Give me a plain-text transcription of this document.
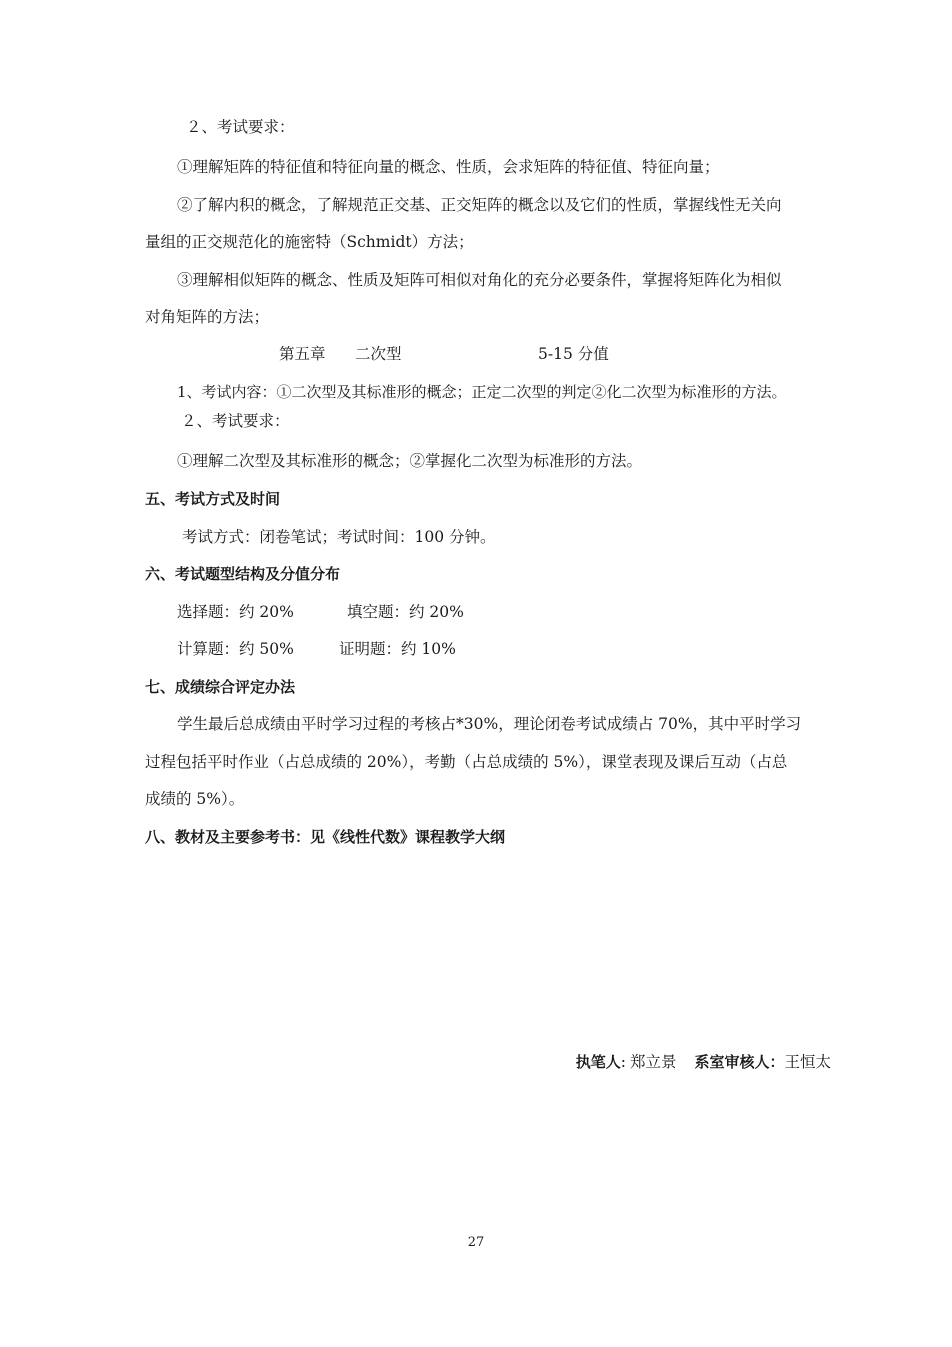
２、考试要求：
①理解矩阵的特征值和特征向量的概念、性质，会求矩阵的特征值、特征向量；
②了解内积的概念，了解规范正交基、正交矩阵的概念以及它们的性质，掌握线性无关向
量组的正交规范化的施密特（Schmidt）方法；
③理解相似矩阵的概念、性质及矩阵可相似对角化的充分必要条件，掌握将矩阵化为相似
对角矩阵的方法；
第五章 二次型	5-15 分值
1、考试内容：①二次型及其标准形的概念；正定二次型的判定②化二次型为标准形的方法。
２、考试要求：
①理解二次型及其标准形的概念；②掌握化二次型为标准形的方法。
五、考试方式及时间
考试方式：闭卷笔试；考试时间：100 分钟。
六、考试题型结构及分值分布
选择题：约 20%	填空题：约 20%
计算题：约 50%	证明题：约 10%
七、成绩综合评定办法
学生最后总成绩由平时学习过程的考核占*30%，理论闭卷考试成绩占 70%，其中平时学习
过程包括平时作业（占总成绩的 20%），考勤（占总成绩的 5%），课堂表现及课后互动（占总
成绩的 5%）。
八、教材及主要参考书：见《线性代数》课程教学大纲
执笔人: 郑立景 系室审核人：王恒太
27
